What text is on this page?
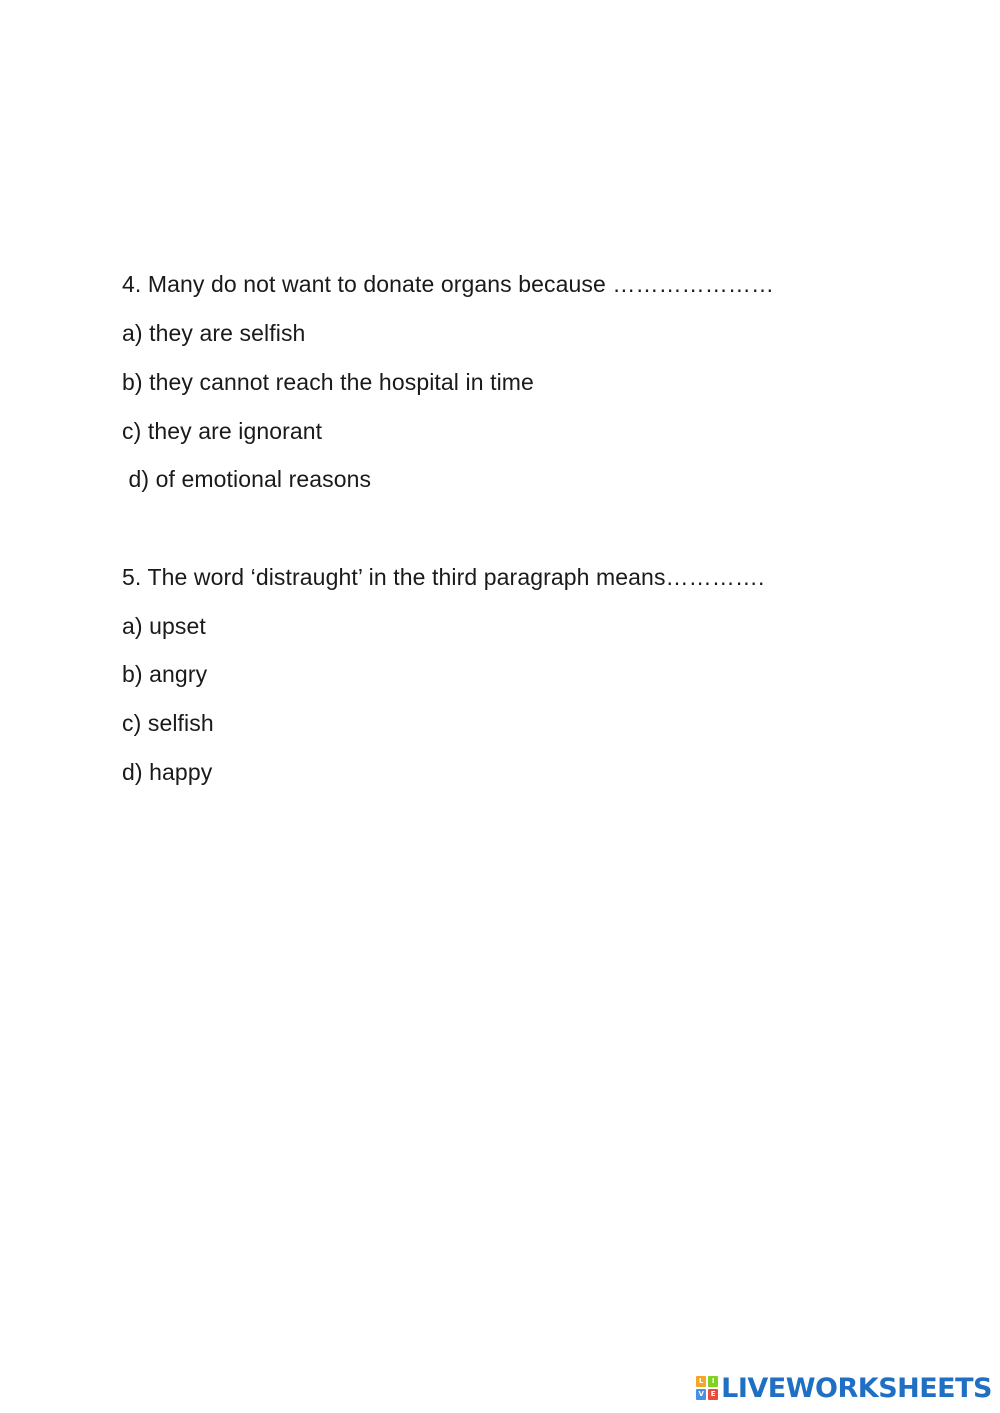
4. Many do not want to donate organs because …………………
a) they are selfish
b) they cannot reach the hospital in time
c) they are ignorant
d) of emotional reasons
5. The word ‘distraught’ in the third paragraph means………….
a) upset
b) angry
c) selfish
d) happy
L	I
V E LIVEWORKSHEETS
